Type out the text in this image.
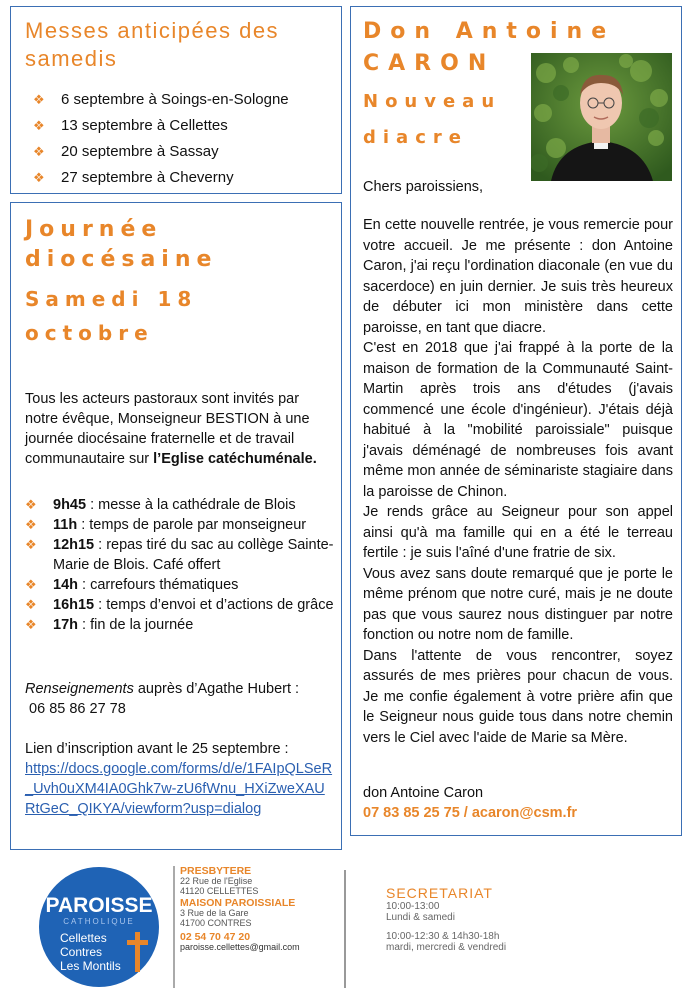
Messes anticipées des samedis
❖	6 septembre à Soings-en-Sologne
❖	13 septembre à Cellettes
❖	20 septembre à Sassay
❖	27 septembre à Cheverny
Journée
diocésaine
Samedi 18
octobre
Tous les acteurs pastoraux sont invités par notre évêque, Monseigneur BESTION à une journée diocésaine fraternelle et de travail communautaire sur l’Eglise catéchuménale.
❖	9h45 : messe à la cathédrale de Blois
❖	11h : temps de parole par monseigneur
❖	12h15 : repas tiré du sac au collège Sainte-Marie de Blois. Café offert
❖	14h : carrefours thématiques
❖	16h15 : temps d’envoi et d’actions de grâce
❖	17h : fin de la journée
Renseignements auprès d’Agathe Hubert :
06 85 86 27 78
Lien d’inscription avant le 25 septembre :
https://docs.google.com/forms/d/e/1FAIpQLSeR_Uvh0uXM4IA0Ghk7w-zU6fWnu_HXiZweXAURtGeC_QIKYA/viewform?usp=dialog
Don Antoine
CARON
Nouveau
diacre
Chers paroissiens,

En cette nouvelle rentrée, je vous remercie pour votre accueil. Je me présente : don Antoine Caron, j'ai reçu l'ordination diaconale (en vue du sacerdoce) en juin dernier. Je suis très heureux de débuter ici mon ministère dans cette paroisse, en tant que diacre.

C'est en 2018 que j'ai frappé à la porte de la maison de formation de la Communauté Saint-Martin après trois ans d'études (j'avais commencé une école d'ingénieur). J'étais déjà habitué à la "mobilité paroissiale" puisque j'avais déménagé de nombreuses fois avant même mon année de séminariste stagiaire dans la paroisse de Chinon.

Je rends grâce au Seigneur pour son appel ainsi qu'à ma famille qui en a été le terreau fertile : je suis l'aîné d'une fratrie de six.

Vous avez sans doute remarqué que je porte le même prénom que notre curé, mais je ne doute pas que vous saurez nous distinguer par notre fonction ou notre nom de famille.

Dans l'attente de vous rencontrer, soyez assurés de mes prières pour chacun de vous. Je me confie également à votre prière afin que le Seigneur nous guide tous dans notre chemin vers le Ciel avec l'aide de Marie sa Mère.

don Antoine Caron
07 83 85 25 75 / acaron@csm.fr
PAROISSE
CATHOLIQUE
Cellettes
Contres
Les Montils
PRESBYTERE
22 Rue de l'Eglise
41120 CELLETTES
MAISON PAROISSIALE
3 Rue de la Gare
41700 CONTRES
02 54 70 47 20
paroisse.cellettes@gmail.com
SECRETARIAT
10:00-13:00
Lundi & samedi
10:00-12:30 & 14h30-18h
mardi, mercredi & vendredi
